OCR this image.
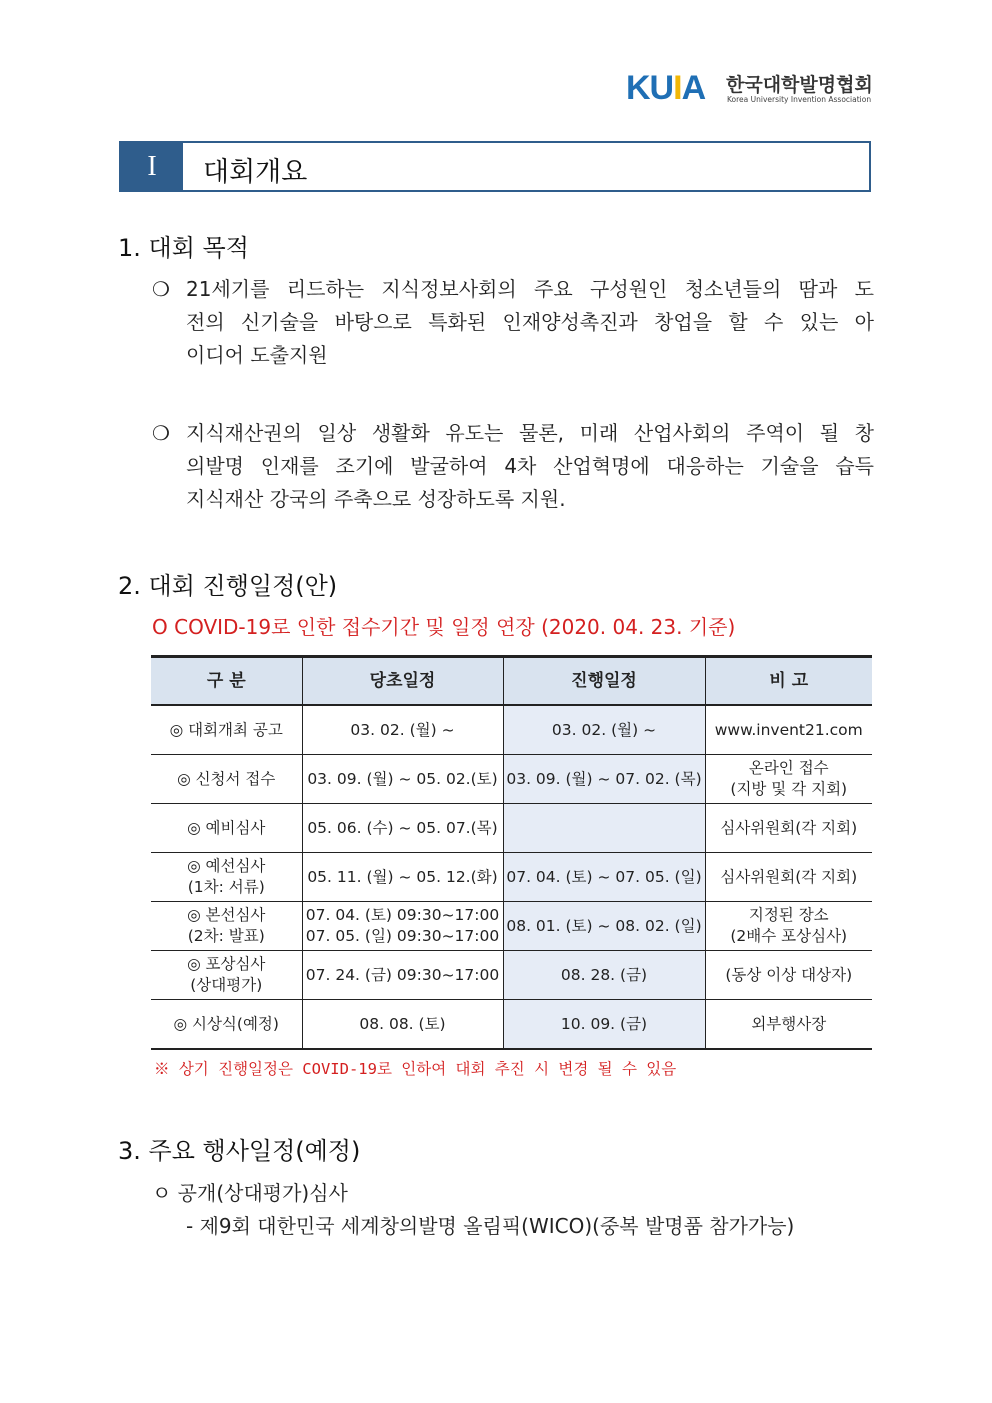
KUIA 한국대학발명협회
Korea University Invention Association
I	대회개요
1. 대회 목적
❍ 21세기를 리드하는 지식정보사회의 주요 구성원인 청소년들의 땀과 도
전의 신기술을 바탕으로 특화된 인재양성촉진과 창업을 할 수 있는 아
이디어 도출지원
❍ 지식재산권의 일상 생활화 유도는 물론, 미래 산업사회의 주역이 될 창
의발명 인재를 조기에 발굴하여 4차 산업혁명에 대응하는 기술을 습득
지식재산 강국의 주축으로 성장하도록 지원.
2. 대회 진행일정(안)
O COVID-19로 인한 접수기간 및 일정 연장 (2020. 04. 23. 기준)
구 분	당초일정	진행일정	비 고
◎ 대회개최 공고	03. 02. (월) ~	03. 02. (월) ~	www.invent21.com
◎ 신청서 접수	03. 09. (월) ~ 05. 02.(토)	03. 09. (월) ~ 07. 02. (목)	온라인 접수
(지방 및 각 지회)
◎ 예비심사	05. 06. (수) ~ 05. 07.(목)		심사위원회(각 지회)
◎ 예선심사
(1차: 서류)	05. 11. (월) ~ 05. 12.(화)	07. 04. (토) ~ 07. 05. (일)	심사위원회(각 지회)
◎ 본선심사
(2차: 발표)	07. 04. (토) 09:30~17:00
07. 05. (일) 09:30~17:00	08. 01. (토) ~ 08. 02. (일)	지정된 장소
(2배수 포상심사)
◎ 포상심사
(상대평가)	07. 24. (금) 09:30~17:00	08. 28. (금)	(동상 이상 대상자)
◎ 시상식(예정)	08. 08. (토)	10. 09. (금)	외부행사장
※ 상기 진행일정은 COVID-19로 인하여 대회 추진 시 변경 될 수 있음
3. 주요 행사일정(예정)
ㅇ 공개(상대평가)심사
- 제9회 대한민국 세계창의발명 올림픽(WICO)(중복 발명품 참가가능)
